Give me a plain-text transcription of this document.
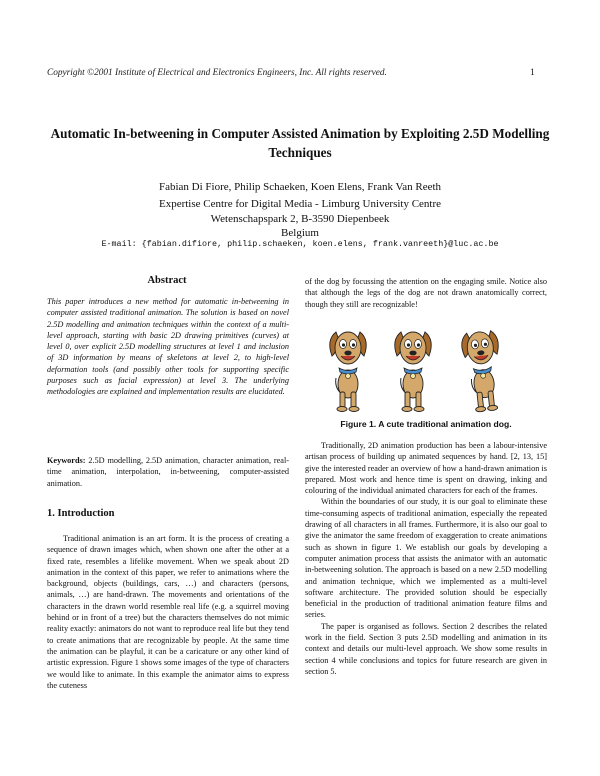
Copyright ©2001 Institute of Electrical and Electronics Engineers, Inc. All rights reserved.	1
Automatic In-betweening in Computer Assisted Animation by Exploiting 2.5D Modelling Techniques
Fabian Di Fiore, Philip Schaeken, Koen Elens, Frank Van Reeth
Expertise Centre for Digital Media - Limburg University Centre
Wetenschapspark 2, B-3590 Diepenbeek
Belgium
E-mail: {fabian.difiore, philip.schaeken, koen.elens, frank.vanreeth}@luc.ac.be
Abstract
This paper introduces a new method for automatic in-betweening in computer assisted traditional animation. The solution is based on novel 2.5D modelling and animation techniques within the context of a multi-level approach, starting with basic 2D drawing primitives (curves) at level 0, over explicit 2.5D modelling structures at level 1 and inclusion of 3D information by means of skeletons at level 2, to high-level deformation tools (and possibly other tools for supporting specific purposes such as facial expression) at level 3. The underlying methodologies are explained and implementation results are elucidated.
Keywords: 2.5D modelling, 2.5D animation, character animation, real-time animation, interpolation, in-betweening, computer-assisted animation.
1. Introduction

Traditional animation is an art form. It is the process of creating a sequence of drawn images which, when shown one after the other at a fixed rate, resembles a lifelike movement. When we speak about 2D animation in the context of this paper, we refer to animations where the background, objects (buildings, cars, …) and characters (persons, animals, …) are hand-drawn. The movements and orientations of the characters in the drawn world resemble real life (e.g. a squirrel moving behind or in front of a tree) but the characters themselves do not mimic reality exactly: animators do not want to reproduce real life but they tend to create animations that are recognizable by people. At the same time the animation can be playful, it can be a caricature or any other kind of artistic expression. Figure 1 shows some images of the type of characters we would like to animate. In this example the animator aims to express the cuteness

of the dog by focussing the attention on the engaging smile. Notice also that although the legs of the dog are not drawn anatomically correct, though they still are recognizable!

Figure 1. A cute traditional animation dog.

Traditionally, 2D animation production has been a labour-intensive artisan process of building up animated sequences by hand. [2, 13, 15] give the interested reader an overview of how a hand-drawn animation is prepared. Most work and hence time is spent on drawing, inking and colouring of the individual animated characters for each of the frames.

Within the boundaries of our study, it is our goal to eliminate these time-consuming aspects of traditional animation, especially the repeated drawing of all characters in all frames. Furthermore, it is also our goal to give the animator the same freedom of exaggeration to create animations such as shown in figure 1. We establish our goals by developing a computer animation process that assists the animator with an automatic in-betweening solution. The approach is based on a new 2.5D modelling and animation technique, which we implemented as a multi-level software architecture. The provided solution should be especially beneficial in the production of traditional animation feature films and series.

The paper is organised as follows. Section 2 describes the related work in the field. Section 3 puts 2.5D modelling and animation in its context and details our multi-level approach. We show some results in section 4 while conclusions and topics for future research are given in section 5.
